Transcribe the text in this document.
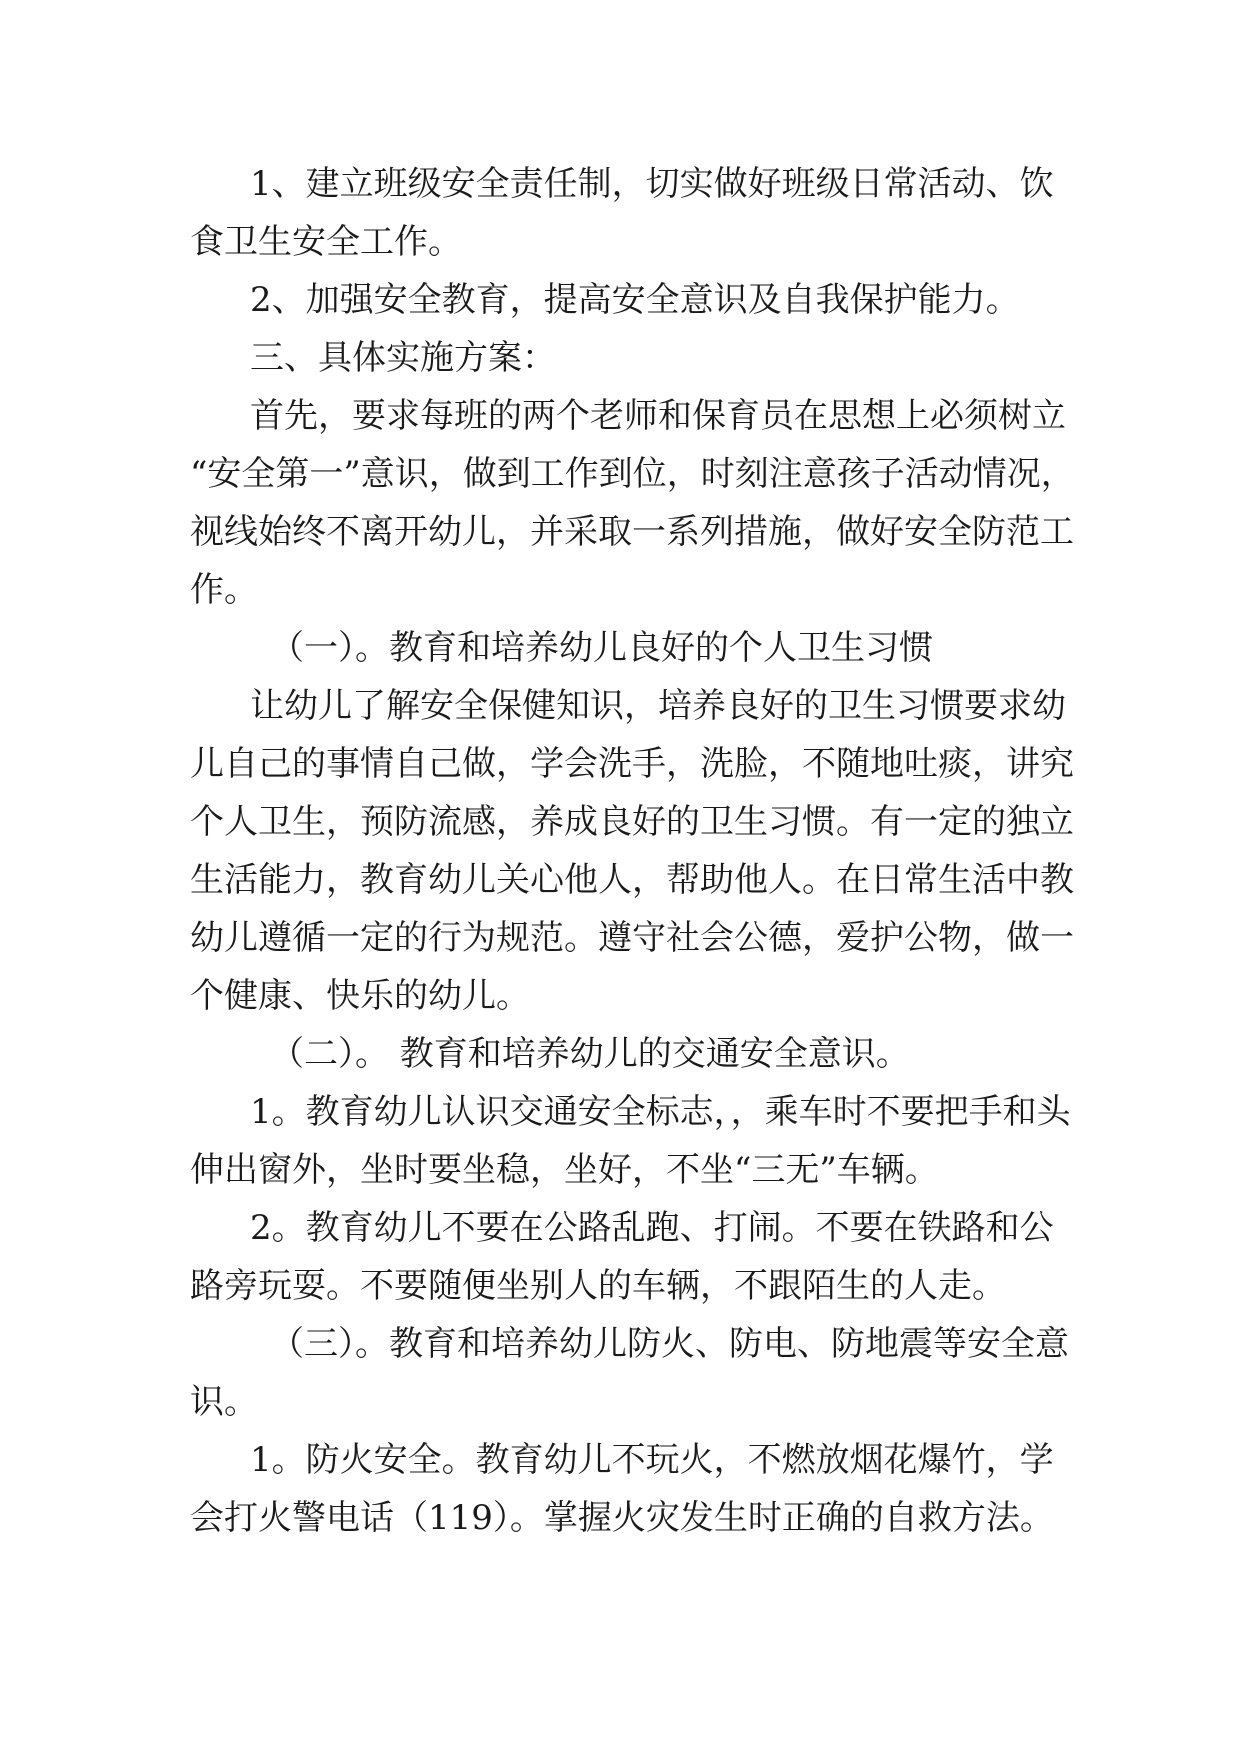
1、建立班级安全责任制，切实做好班级日常活动、饮

食卫生安全工作。

2、加强安全教育，提高安全意识及自我保护能力。

三、具体实施方案：

首先，要求每班的两个老师和保育员在思想上必须树立

“安全第一”意识，做到工作到位，时刻注意孩子活动情况，

视线始终不离开幼儿，并采取一系列措施，做好安全防范工

作。

（一）。教育和培养幼儿良好的个人卫生习惯

让幼儿了解安全保健知识，培养良好的卫生习惯要求幼

儿自己的事情自己做，学会洗手，洗脸，不随地吐痰，讲究

个人卫生，预防流感，养成良好的卫生习惯。有一定的独立

生活能力，教育幼儿关心他人，帮助他人。在日常生活中教

幼儿遵循一定的行为规范。遵守社会公德，爱护公物，做一

个健康、快乐的幼儿。

（二）。 教育和培养幼儿的交通安全意识。

1。教育幼儿认识交通安全标志，，乘车时不要把手和头

伸出窗外，坐时要坐稳，坐好，不坐“三无”车辆。

2。教育幼儿不要在公路乱跑、打闹。不要在铁路和公

路旁玩耍。不要随便坐别人的车辆，不跟陌生的人走。

（三）。教育和培养幼儿防火、防电、防地震等安全意

识。

1。防火安全。教育幼儿不玩火，不燃放烟花爆竹，学

会打火警电话（119）。掌握火灾发生时正确的自救方法。
